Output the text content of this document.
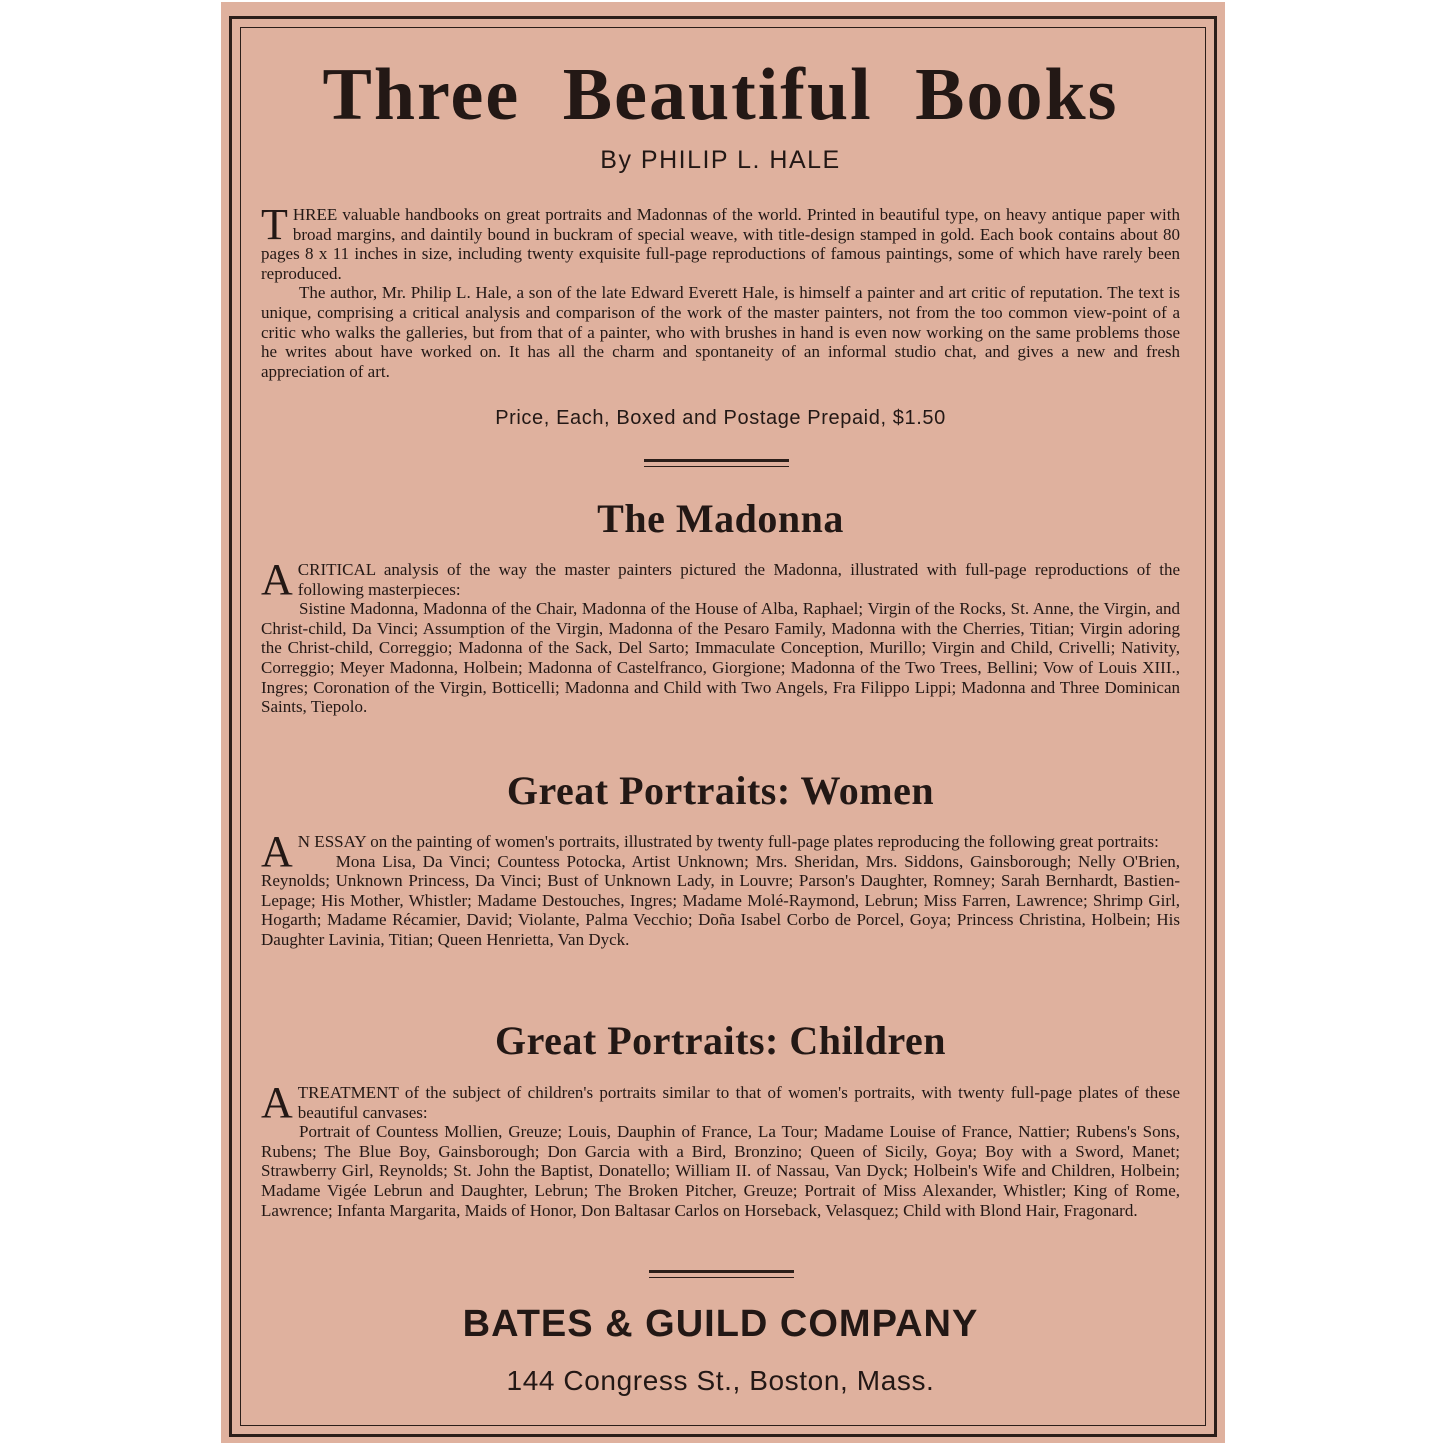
Three Beautiful Books
By PHILIP L. HALE

THREE valuable handbooks on great portraits and Madonnas of the world. Printed in beautiful type, on heavy antique paper with broad margins, and daintily bound in buckram of special weave, with title-design stamped in gold. Each book contains about 80 pages 8 x 11 inches in size, including twenty exquisite full-page reproductions of famous paintings, some of which have rarely been reproduced.

The author, Mr. Philip L. Hale, a son of the late Edward Everett Hale, is himself a painter and art critic of reputation. The text is unique, comprising a critical analysis and comparison of the work of the master painters, not from the too common view-point of a critic who walks the galleries, but from that of a painter, who with brushes in hand is even now working on the same problems those he writes about have worked on. It has all the charm and spontaneity of an informal studio chat, and gives a new and fresh appreciation of art.

Price, Each, Boxed and Postage Prepaid, $1.50
The Madonna

ACRITICAL analysis of the way the master painters pictured the Madonna, illustrated with full-page reproductions of the following masterpieces:

Sistine Madonna, Madonna of the Chair, Madonna of the House of Alba, Raphael; Virgin of the Rocks, St. Anne, the Virgin, and Christ-child, Da Vinci; Assumption of the Virgin, Madonna of the Pesaro Family, Madonna with the Cherries, Titian; Virgin adoring the Christ-child, Correggio; Madonna of the Sack, Del Sarto; Immaculate Conception, Murillo; Virgin and Child, Crivelli; Nativity, Correggio; Meyer Madonna, Holbein; Madonna of Castelfranco, Giorgione; Madonna of the Two Trees, Bellini; Vow of Louis XIII., Ingres; Coronation of the Virgin, Botticelli; Madonna and Child with Two Angels, Fra Filippo Lippi; Madonna and Three Dominican Saints, Tiepolo.

Great Portraits: Women

A N ESSAY on the painting of women's portraits, illustrated by twenty full-page plates reproducing the following great portraits:

Mona Lisa, Da Vinci; Countess Potocka, Artist Unknown; Mrs. Sheridan, Mrs. Siddons, Gainsborough; Nelly O'Brien, Reynolds; Unknown Princess, Da Vinci; Bust of Unknown Lady, in Louvre; Parson's Daughter, Romney; Sarah Bernhardt, Bastien-Lepage; His Mother, Whistler; Madame Destouches, Ingres; Madame Molé-Raymond, Lebrun; Miss Farren, Lawrence; Shrimp Girl, Hogarth; Madame Récamier, David; Violante, Palma Vecchio; Doña Isabel Corbo de Porcel, Goya; Princess Christina, Holbein; His Daughter Lavinia, Titian; Queen Henrietta, Van Dyck.

Great Portraits: Children

ATREATMENT of the subject of children's portraits similar to that of women's portraits, with twenty full-page plates of these beautiful canvases:

Portrait of Countess Mollien, Greuze; Louis, Dauphin of France, La Tour; Madame Louise of France, Nattier; Rubens's Sons, Rubens; The Blue Boy, Gainsborough; Don Garcia with a Bird, Bronzino; Queen of Sicily, Goya; Boy with a Sword, Manet; Strawberry Girl, Reynolds; St. John the Baptist, Donatello; William II. of Nassau, Van Dyck; Holbein's Wife and Children, Holbein; Madame Vigée Lebrun and Daughter, Lebrun; The Broken Pitcher, Greuze; Portrait of Miss Alexander, Whistler; King of Rome, Lawrence; Infanta Margarita, Maids of Honor, Don Baltasar Carlos on Horseback, Velasquez; Child with Blond Hair, Fragonard.

BATES & GUILD COMPANY
144 Congress St., Boston, Mass.
